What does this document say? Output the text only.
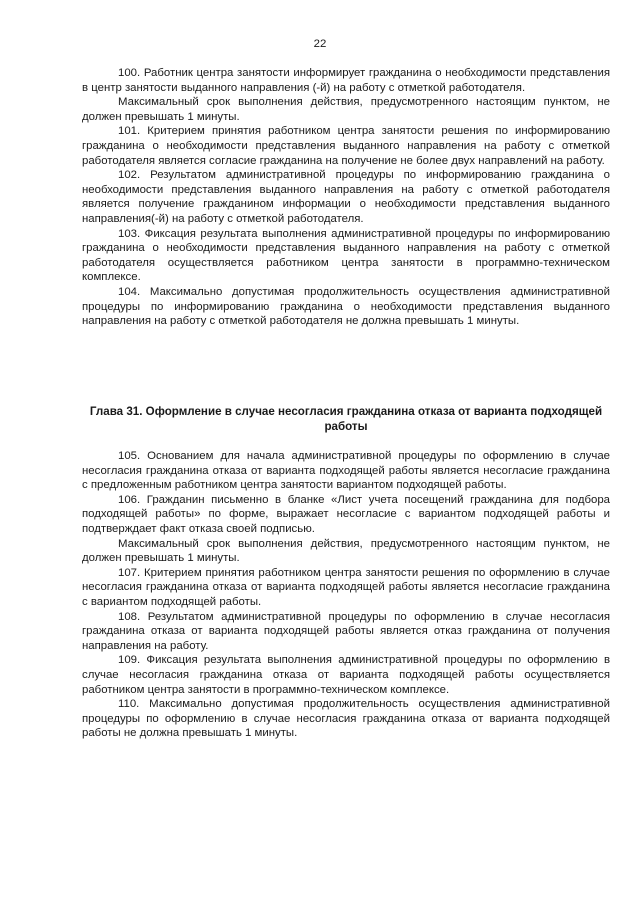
22

100. Работник центра занятости информирует гражданина о необходимости представления в центр занятости выданного направления (-й) на работу с отметкой работодателя.

Максимальный срок выполнения действия, предусмотренного настоящим пунктом, не должен превышать 1 минуты.

101. Критерием принятия работником центра занятости решения по информированию гражданина о необходимости представления выданного направления на работу с отметкой работодателя является согласие гражданина на получение не более двух направлений на работу.

102. Результатом административной процедуры по информированию гражданина о необходимости представления выданного направления на работу с отметкой работодателя является получение гражданином информации о необходимости представления выданного направления(-й) на работу с отметкой работодателя.

103. Фиксация результата выполнения административной процедуры по информированию гражданина о необходимости представления выданного направления на работу с отметкой работодателя осуществляется работником центра занятости в программно-техническом комплексе.

104. Максимально допустимая продолжительность осуществления административной процедуры по информированию гражданина о необходимости представления выданного направления на работу с отметкой работодателя не должна превышать 1 минуты.

Глава 31. Оформление в случае несогласия гражданина отказа от варианта подходящей работы

105. Основанием для начала административной процедуры по оформлению в случае несогласия гражданина отказа от варианта подходящей работы является несогласие гражданина с предложенным работником центра занятости вариантом подходящей работы.

106. Гражданин письменно в бланке «Лист учета посещений гражданина для подбора подходящей работы» по форме, выражает несогласие с вариантом подходящей работы и подтверждает факт отказа своей подписью.

Максимальный срок выполнения действия, предусмотренного настоящим пунктом, не должен превышать 1 минуты.

107. Критерием принятия работником центра занятости решения по оформлению в случае несогласия гражданина отказа от варианта подходящей работы является несогласие гражданина с вариантом подходящей работы.

108. Результатом административной процедуры по оформлению в случае несогласия гражданина отказа от варианта подходящей работы является отказ гражданина от получения направления на работу.

109. Фиксация результата выполнения административной процедуры по оформлению в случае несогласия гражданина отказа от варианта подходящей работы осуществляется работником центра занятости в программно-техническом комплексе.

110. Максимально допустимая продолжительность осуществления административной процедуры по оформлению в случае несогласия гражданина отказа от варианта подходящей работы не должна превышать 1 минуты.
